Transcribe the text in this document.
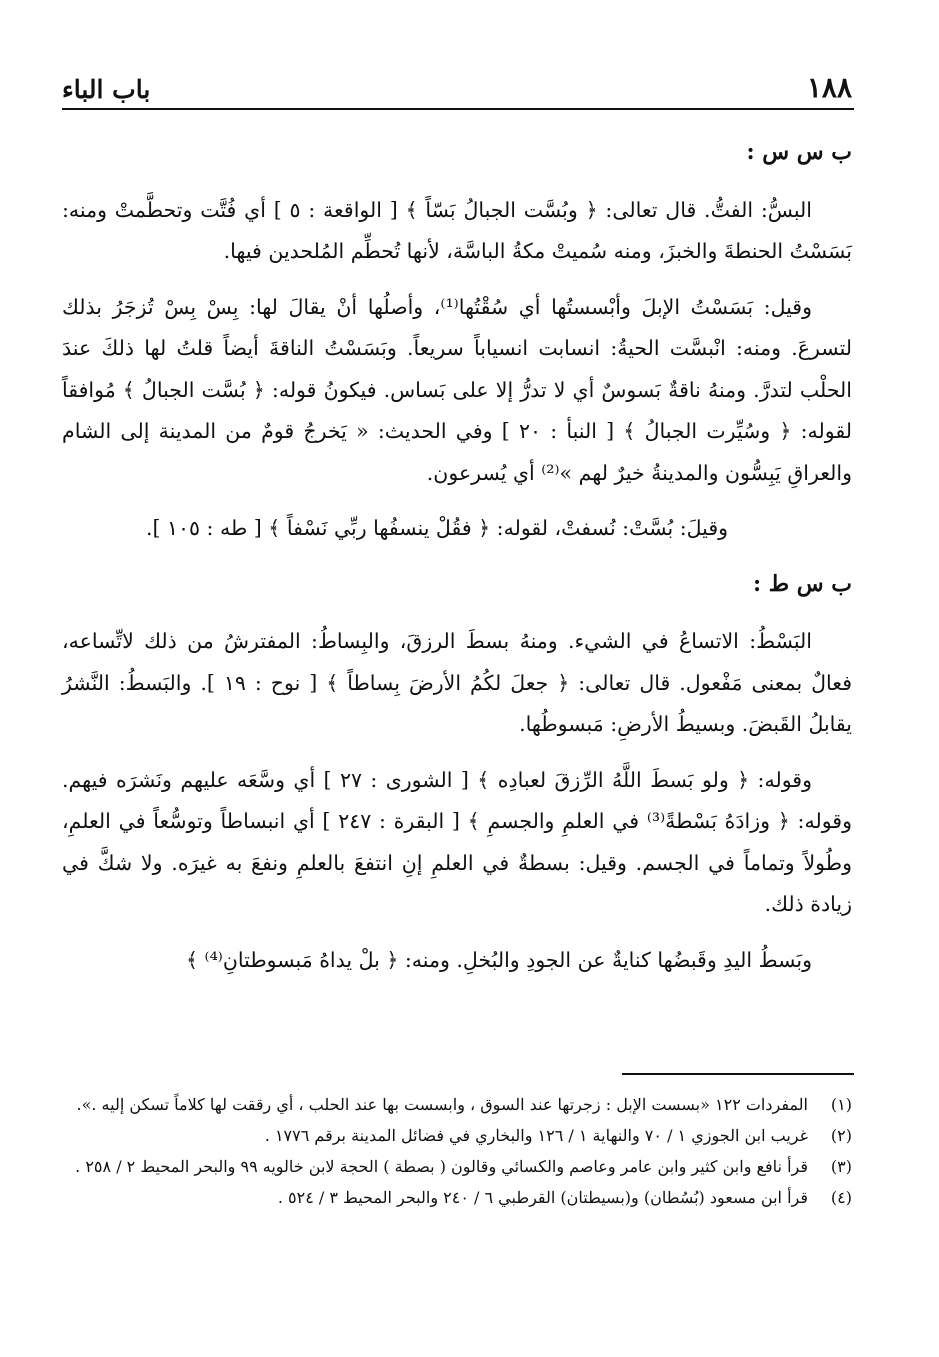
باب الباء	١٨٨
ب س س :

البسُّ: الفتُّ. قال تعالى: ﴿ وبُسَّت الجبالُ بَسّاً ﴾ [ الواقعة : ٥ ] أي فُتَّت وتحطَّمتْ ومنه: بَسَسْتُ الحنطةَ والخبزَ، ومنه سُميتْ مكةُ الباسَّة، لأنها تُحطِّم المُلحدين فيها.

وقيل: بَسَسْتُ الإبلَ وأبْسستُها أي سُقْتُها⁽¹⁾، وأصلُها أنْ يقالَ لها: بِسْ بِسْ تُزجَرُ بذلك لتسرعَ. ومنه: انْبسَّت الحيةُ: انسابت انسياباً سريعاً. وبَسَسْتُ الناقةَ أيضاً قلتُ لها ذلكَ عندَ الحلْب لتدرَّ. ومنهُ ناقةٌ بَسوسٌ أي لا تدرُّ إلا على بَساس. فيكونُ قوله: ﴿ بُسَّت الجبالُ ﴾ مُوافقاً لقوله: ﴿ وسُيِّرت الجبالُ ﴾ [ النبأ : ٢٠ ] وفي الحديث: « يَخرجُ قومٌ من المدينة إلى الشام والعراقِ يَبِسُّون والمدينةُ خيرٌ لهم »⁽²⁾ أي يُسرعون.

وقيلَ: بُسَّتْ: نُسفتْ، لقوله: ﴿ فقُلْ ينسفُها ربِّي نَسْفاً ﴾ [ طه : ١٠٥ ].

ب س ط :

البَسْطُ: الاتساعُ في الشيء. ومنهُ بسطَ الرزقَ، والبِساطُ: المفترشُ من ذلك لاتِّساعه، فعالٌ بمعنى مَفْعول. قال تعالى: ﴿ جعلَ لكُمُ الأرضَ بِساطاً ﴾ [ نوح : ١٩ ]. والبَسطُ: النَّشرُ يقابلُ القَبضَ. وبسيطُ الأرضِ: مَبسوطُها.

وقوله: ﴿ ولو بَسطَ اللَّهُ الرِّزقَ لعبادِه ﴾ [ الشورى : ٢٧ ] أي وسَّعَه عليهم ونَشرَه فيهم. وقوله: ﴿ وزادَهُ بَسْطةً⁽³⁾ في العلمِ والجسمِ ﴾ [ البقرة : ٢٤٧ ] أي انبساطاً وتوسُّعاً في العلمِ، وطُولاً وتماماً في الجسم. وقيل: بسطةٌ في العلمِ إنِ انتفعَ بالعلمِ ونفعَ به غيرَه. ولا شكَّ في زيادة ذلك.

وبَسطُ اليدِ وقَبضُها كنايةٌ عن الجودِ والبُخلِ. ومنه: ﴿ بلْ يداهُ مَبسوطتانِ⁽⁴⁾ ﴾

(١)
المفردات ١٢٢ «بسست الإبل : زجرتها عند السوق ، وابسست بها عند الحلب ، أي رققت لها كلاماً تسكن إليه .».
(٢)
غريب ابن الجوزي ١ / ٧٠ والنهاية ١ / ١٢٦ والبخاري في فضائل المدينة برقم ١٧٧٦ .
(٣)
قرأ نافع وابن كثير وابن عامر وعاصم والكسائي وقالون ( بصطة ) الحجة لابن خالويه ٩٩ والبحر المحيط ٢ / ٢٥٨ .
(٤)
قرأ ابن مسعود (بُسُطان) و(بسيطتان) القرطبي ٦ / ٢٤٠ والبحر المحيط ٣ / ٥٢٤ .
